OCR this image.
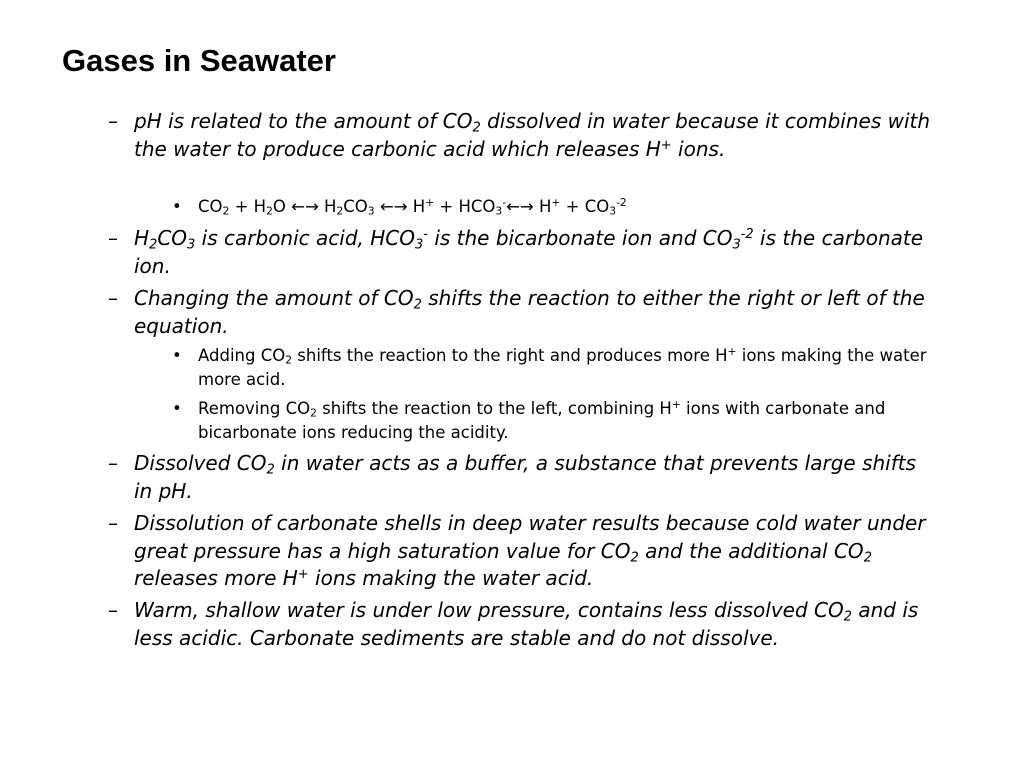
Gases in Seawater
– pH is related to the amount of $CO_2$ dissolved in water because it combines with the water to produce carbonic acid which releases H+ ions.
• $CO_2 + H_2O$ ←→ $H_2CO_3$ ←→ $H^+ + HCO_3^-\leftarrow\to H^+ + CO_3^{-2}$
– $H_2CO_3$ is carbonic acid, $HCO_3^-$ is the bicarbonate ion and $CO_3^{-2}$ is the carbonate ion.
– Changing the amount of $CO_2$ shifts the reaction to either the right or left of the equation.
• Adding $CO_2$ shifts the reaction to the right and produces more H+ ions making the water more acid.
• Removing $CO_2$ shifts the reaction to the left, combining H+ ions with carbonate and bicarbonate ions reducing the acidity.
– Dissolved $CO_2$ in water acts as a buffer, a substance that prevents large shifts in pH.
– Dissolution of carbonate shells in deep water results because cold water under great pressure has a high saturation value for $CO_2$ and the additional $CO_2$ releases more H+ ions making the water acid.
– Warm, shallow water is under low pressure, contains less dissolved $CO_2$ and is less acidic. Carbonate sediments are stable and do not dissolve.
